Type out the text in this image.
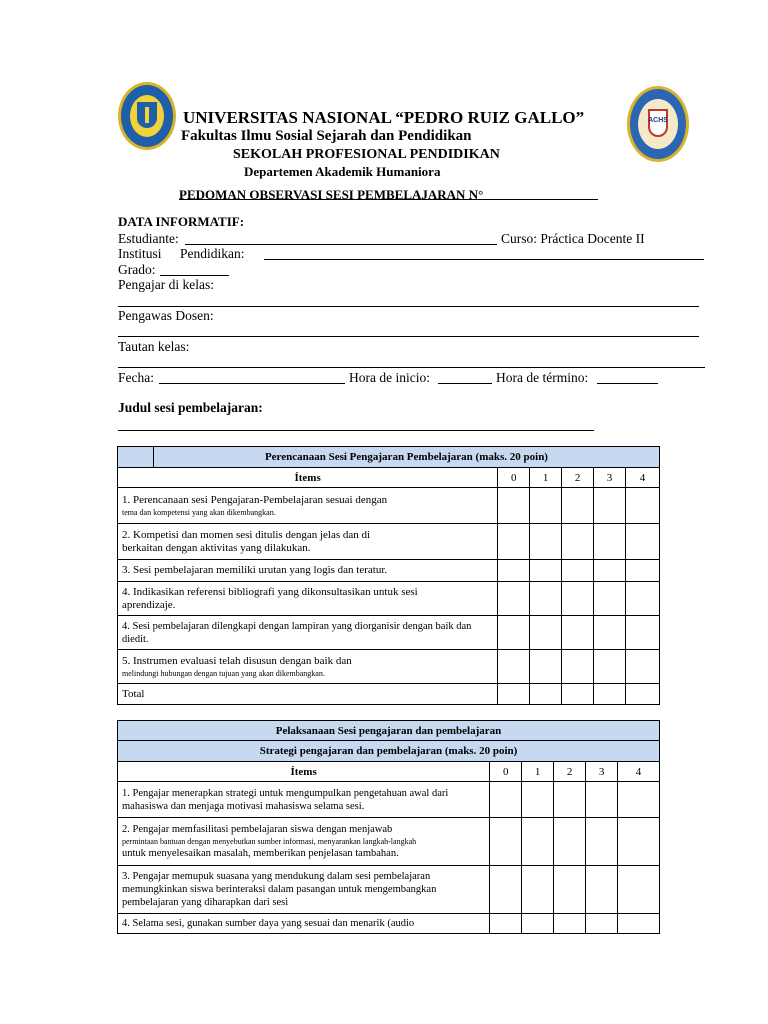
ACHS
UNIVERSITAS NASIONAL “PEDRO RUIZ GALLO”
Fakultas Ilmu Sosial Sejarah dan Pendidikan
SEKOLAH PROFESIONAL PENDIDIKAN
Departemen Akademik Humaniora
PEDOMAN OBSERVASI SESI PEMBELAJARAN N°
DATA INFORMATIF:
Estudiante:	Curso: Práctica Docente II
Institusi Pendidikan:
Grado:
Pengajar di kelas:
Pengawas Dosen:
Tautan kelas:
Fecha:	Hora de inicio:	Hora de término:
Judul sesi pembelajaran:
	Perencanaan Sesi Pengajaran Pembelajaran (maks. 20 poin)					
Ítems		0	1	2	3	4

1. Perencanaan sesi Pengajaran-Pembelajaran sesuai dengan
tema dan kompetensi yang akan dikembangkan.						

2. Kompetisi dan momen sesi ditulis dengan jelas dan di
berkaitan dengan aktivitas yang dilakukan.						

3. Sesi pembelajaran memiliki urutan yang logis dan teratur.						

4. Indikasikan referensi bibliografi yang dikonsultasikan untuk sesi
aprendizaje.						

4. Sesi pembelajaran dilengkapi dengan lampiran yang diorganisir dengan baik dan
diedit.						

5. Instrumen evaluasi telah disusun dengan baik dan
melindungi hubungan dengan tujuan yang akan dikembangkan.						

Total						
Pelaksanaan Sesi pengajaran dan pembelajaran					
Strategi pengajaran dan pembelajaran (maks. 20 poin)					
Ítems	0	1	2	3	4

1. Pengajar menerapkan strategi untuk mengumpulkan pengetahuan awal dari
mahasiswa dan menjaga motivasi mahasiswa selama sesi.					

2. Pengajar memfasilitasi pembelajaran siswa dengan menjawab
permintaan bantuan dengan menyebutkan sumber informasi, menyarankan langkah-langkah
untuk menyelesaikan masalah, memberikan penjelasan tambahan.					

3. Pengajar memupuk suasana yang mendukung dalam sesi pembelajaran
memungkinkan siswa berinteraksi dalam pasangan untuk mengembangkan
pembelajaran yang diharapkan dari sesi					

4. Selama sesi, gunakan sumber daya yang sesuai dan menarik (audio					
